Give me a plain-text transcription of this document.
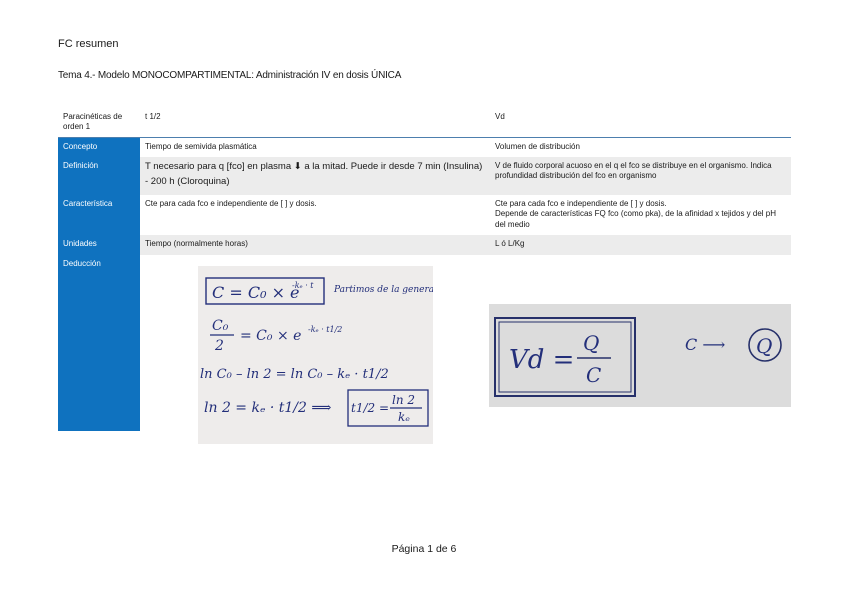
FC resumen
Tema 4.- Modelo MONOCOMPARTIMENTAL: Administración IV en dosis ÚNICA
Paracinéticas de orden 1	t 1/2	Vd
Concepto	Tiempo de semivida plasmática	Volumen de distribución
Definición	T necesario para q [fco] en plasma ⬇ a la mitad. Puede ir desde 7 min (Insulina) - 200 h (Cloroquina)	V de fluido corporal acuoso en el q el fco se distribuye en el organismo. Indica profundidad distribución del fco en organismo
Característica	Cte para cada fco e independiente de [ ] y dosis.	Cte para cada fco e independiente de [ ] y dosis.
Depende de características FQ fco (como pka), de la afinidad x tejidos y del pH del medio

Unidades	Tiempo (normalmente horas)	L ó L/Kg
Deducción		
C = C₀ × e
-kₑ · t Partimos de la general
C₀
2
= C₀ × e -kₑ · t1/2
ln C₀ – ln 2 = ln C₀ – kₑ · t1/2
ln 2 = kₑ · t1/2 ⟹ t1/2 =
ln 2
kₑ
Vd =
Q
C
C ⟶ Q
Página 1 de 6
